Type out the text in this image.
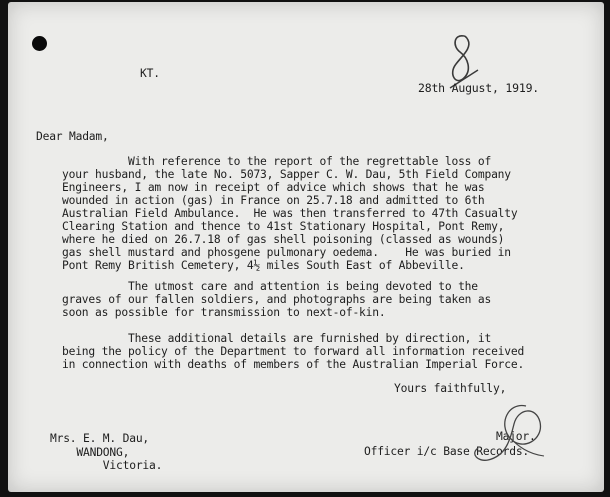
KT.
28th August, 1919.
Dear Madam,
With reference to the report of the regrettable loss of
your husband, the late No. 5073, Sapper C. W. Dau, 5th Field Company
Engineers, I am now in receipt of advice which shows that he was
wounded in action (gas) in France on 25.7.18 and admitted to 6th
Australian Field Ambulance.  He was then transferred to 47th Casualty
Clearing Station and thence to 41st Stationary Hospital, Pont Remy,
where he died on 26.7.18 of gas shell poisoning (classed as wounds)
gas shell mustard and phosgene pulmonary oedema.    He was buried in
Pont Remy British Cemetery, 4½ miles South East of Abbeville.
The utmost care and attention is being devoted to the
graves of our fallen soldiers, and photographs are being taken as
soon as possible for transmission to next-of-kin.
These additional details are furnished by direction, it
being the policy of the Department to forward all information received
in connection with deaths of members of the Australian Imperial Force.
Yours faithfully,
Mrs. E. M. Dau,
WANDONG,
Victoria.
Major.
Officer i/c Base Records.
